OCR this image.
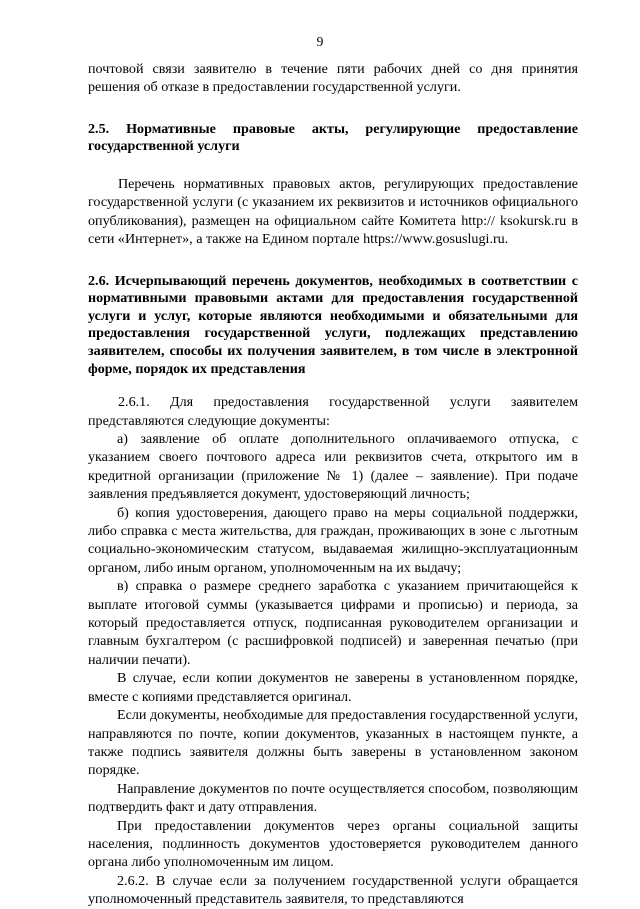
9

почтовой связи заявителю в течение пяти рабочих дней со дня принятия решения об отказе в предоставлении государственной услуги.

2.5. Нормативные правовые акты, регулирующие предоставление государственной услуги

Перечень нормативных правовых актов, регулирующих предоставление государственной услуги (с указанием их реквизитов и источников официального опубликования), размещен на официальном сайте Комитета http:// ksokursk.ru в сети «Интернет», а также на Едином портале https://www.gosuslugi.ru.

2.6. Исчерпывающий перечень документов, необходимых в соответствии с нормативными правовыми актами для предоставления государственной услуги и услуг, которые являются необходимыми и обязательными для предоставления государственной услуги, подлежащих представлению заявителем, способы их получения заявителем, в том числе в электронной форме, порядок их представления

2.6.1. Для предоставления государственной услуги заявителем представляются следующие документы:

а) заявление об оплате дополнительного оплачиваемого отпуска, с указанием своего почтового адреса или реквизитов счета, открытого им в кредитной организации (приложение № 1) (далее – заявление). При подаче заявления предъявляется документ, удостоверяющий личность;

б) копия удостоверения, дающего право на меры социальной поддержки, либо справка с места жительства, для граждан, проживающих в зоне с льготным социально-экономическим статусом, выдаваемая жилищно-эксплуатационным органом, либо иным органом, уполномоченным на их выдачу;

в) справка о размере среднего заработка с указанием причитающейся к выплате итоговой суммы (указывается цифрами и прописью) и периода, за который предоставляется отпуск, подписанная руководителем организации и главным бухгалтером (с расшифровкой подписей) и заверенная печатью (при наличии печати).

В случае, если копии документов не заверены в установленном порядке, вместе с копиями представляется оригинал.

Если документы, необходимые для предоставления государственной услуги, направляются по почте, копии документов, указанных в настоящем пункте, а также подпись заявителя должны быть заверены в установленном законом порядке.

Направление документов по почте осуществляется способом, позволяющим подтвердить факт и дату отправления.

При предоставлении документов через органы социальной защиты населения, подлинность документов удостоверяется руководителем данного органа либо уполномоченным им лицом.

2.6.2. В случае если за получением государственной услуги обращается уполномоченный представитель заявителя, то представляются
